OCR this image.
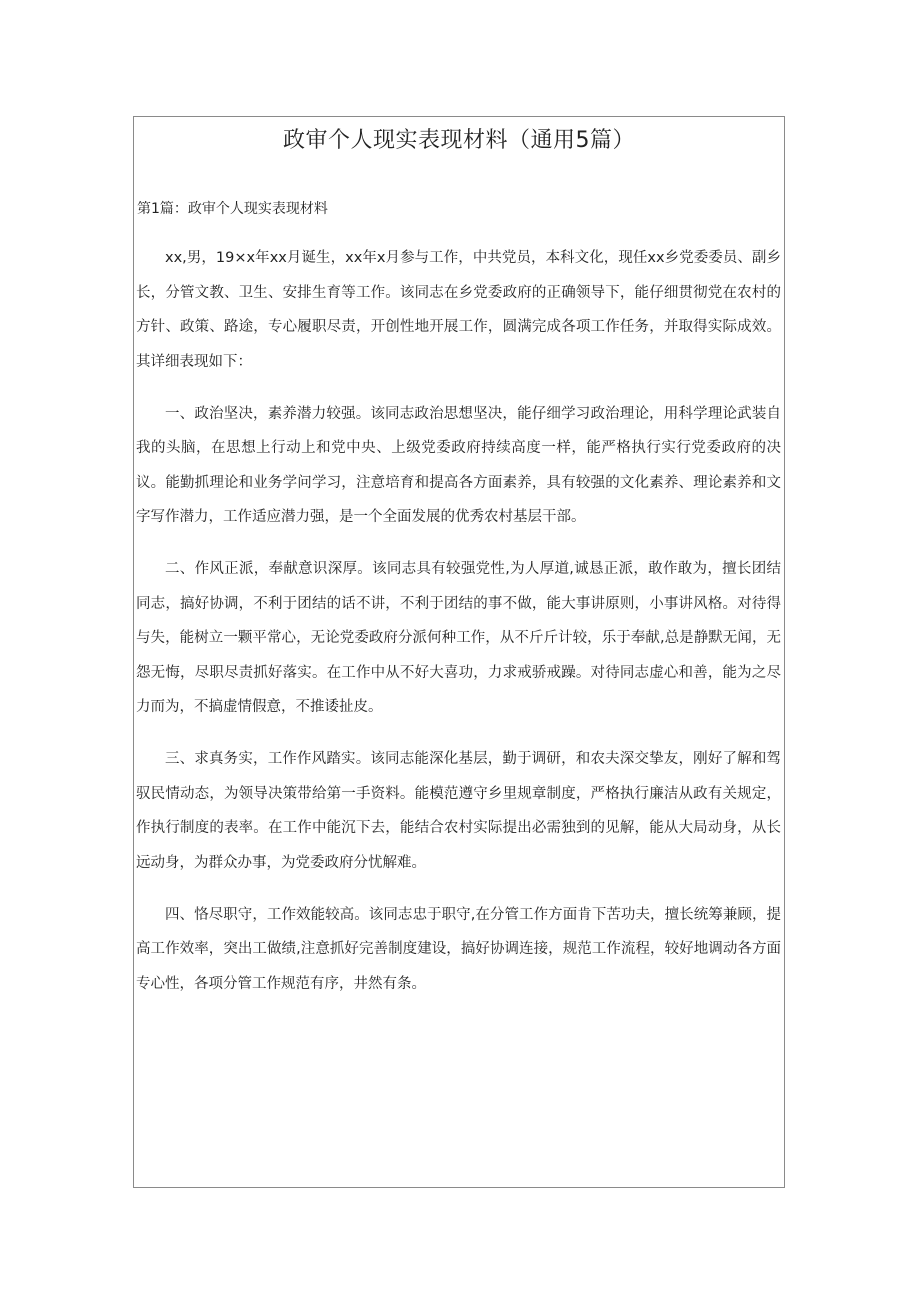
政审个人现实表现材料（通用5篇）

第1篇：政审个人现实表现材料

xx,男，19×x年xx月诞生，xx年x月参与工作，中共党员，本科文化，现任xx乡党委委员、副乡长，分管文教、卫生、安排生育等工作。该同志在乡党委政府的正确领导下，能仔细贯彻党在农村的方针、政策、路途，专心履职尽责，开创性地开展工作，圆满完成各项工作任务，并取得实际成效。其详细表现如下：

一、政治坚决，素养潜力较强。该同志政治思想坚决，能仔细学习政治理论，用科学理论武装自我的头脑，在思想上行动上和党中央、上级党委政府持续高度一样，能严格执行实行党委政府的决议。能勤抓理论和业务学问学习，注意培育和提高各方面素养，具有较强的文化素养、理论素养和文字写作潜力，工作适应潜力强，是一个全面发展的优秀农村基层干部。

二、作风正派，奉献意识深厚。该同志具有较强党性,为人厚道,诚恳正派，敢作敢为，擅长团结同志，搞好协调，不利于团结的话不讲，不利于团结的事不做，能大事讲原则，小事讲风格。对待得与失，能树立一颗平常心，无论党委政府分派何种工作，从不斤斤计较，乐于奉献,总是静默无闻，无怨无悔，尽职尽责抓好落实。在工作中从不好大喜功，力求戒骄戒躁。对待同志虚心和善，能为之尽力而为，不搞虚情假意，不推诿扯皮。

三、求真务实，工作作风踏实。该同志能深化基层，勤于调研，和农夫深交挚友，刚好了解和驾驭民情动态，为领导决策带给第一手资料。能模范遵守乡里规章制度，严格执行廉洁从政有关规定，作执行制度的表率。在工作中能沉下去，能结合农村实际提出必需独到的见解，能从大局动身，从长远动身，为群众办事，为党委政府分忧解难。

四、恪尽职守，工作效能较高。该同志忠于职守,在分管工作方面肯下苦功夫，擅长统筹兼顾，提高工作效率，突出工做绩,注意抓好完善制度建设，搞好协调连接，规范工作流程，较好地调动各方面专心性，各项分管工作规范有序，井然有条。
